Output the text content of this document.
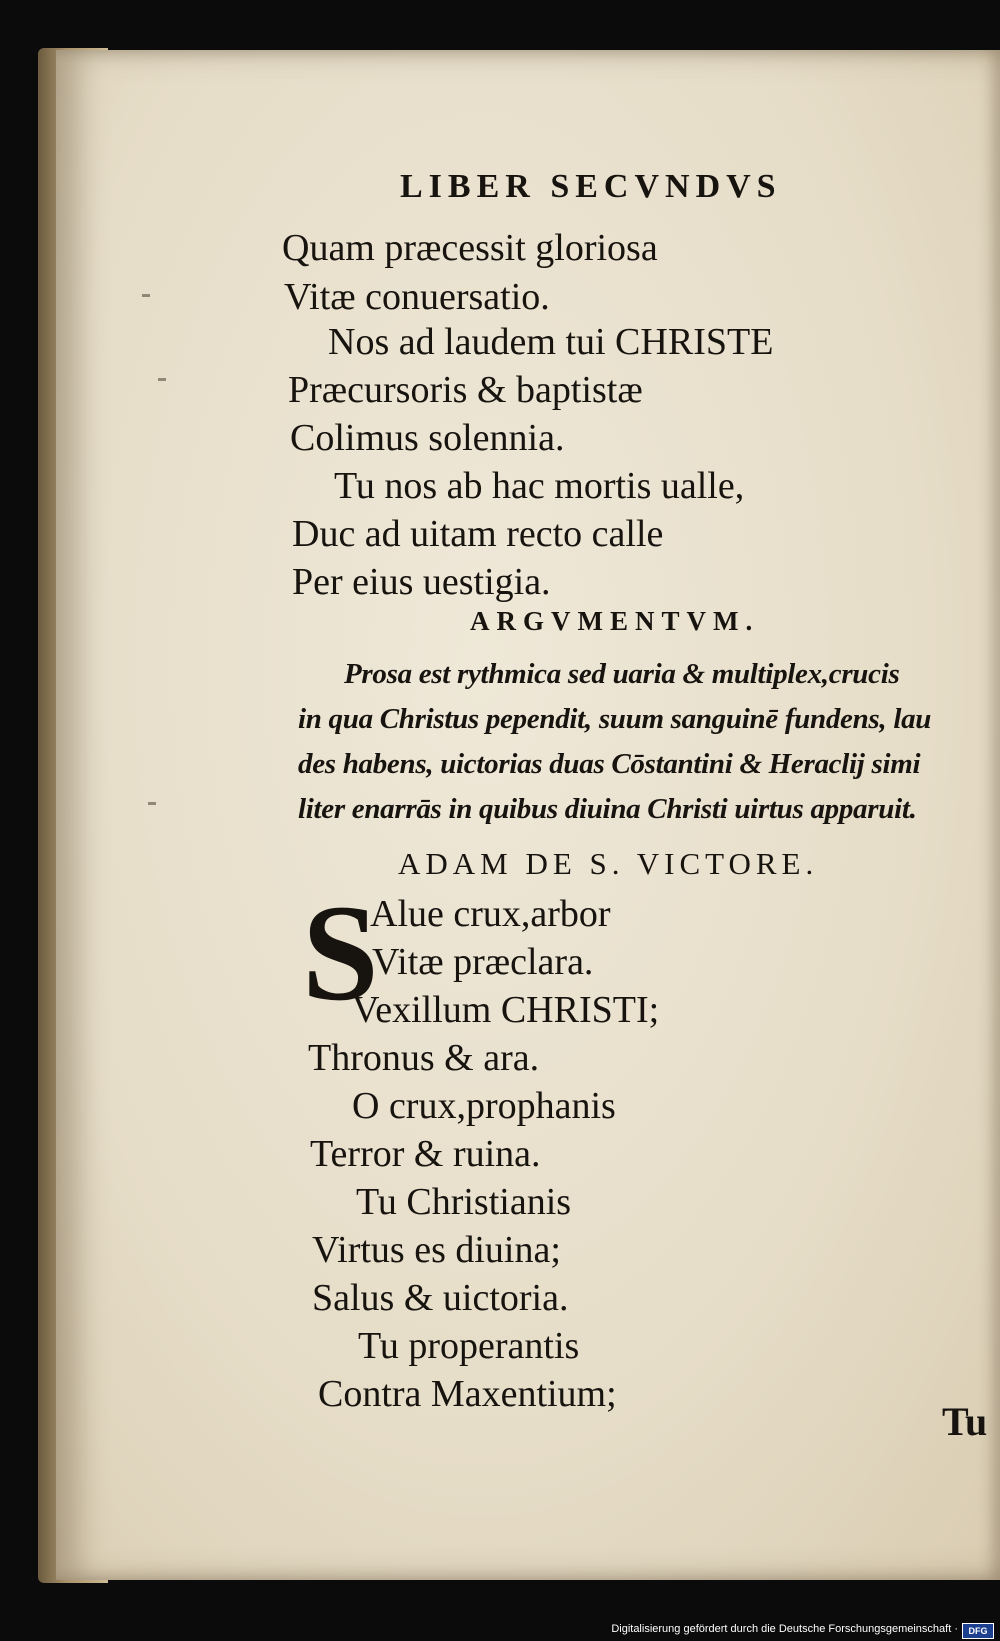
LIBER SECVNDVS
Quam præcessit gloriosa
Vitæ conuersatio.
Nos ad laudem tui CHRISTE
Præcursoris & baptistæ
Colimus solennia.
Tu nos ab hac mortis ualle,
Duc ad uitam recto calle
Per eius uestigia.
ARGVMENTVM.
Prosa est rythmica sed uaria & multiplex,crucis
in qua Christus pependit, suum sanguinē fundens, lau
des habens, uictorias duas Cōstantini & Heraclij simi
liter enarrās in quibus diuina Christi uirtus apparuit.
ADAM DE S. VICTORE.
S
Alue crux,arbor
Vitæ præclara.
Vexillum CHRISTI;
Thronus & ara.
O crux,prophanis
Terror & ruina.
Tu Christianis
Virtus es diuina;
Salus & uictoria.
Tu properantis
Contra Maxentium;
Tu
Digitalisierung gefördert durch die Deutsche Forschungsgemeinschaft ·	DFG
